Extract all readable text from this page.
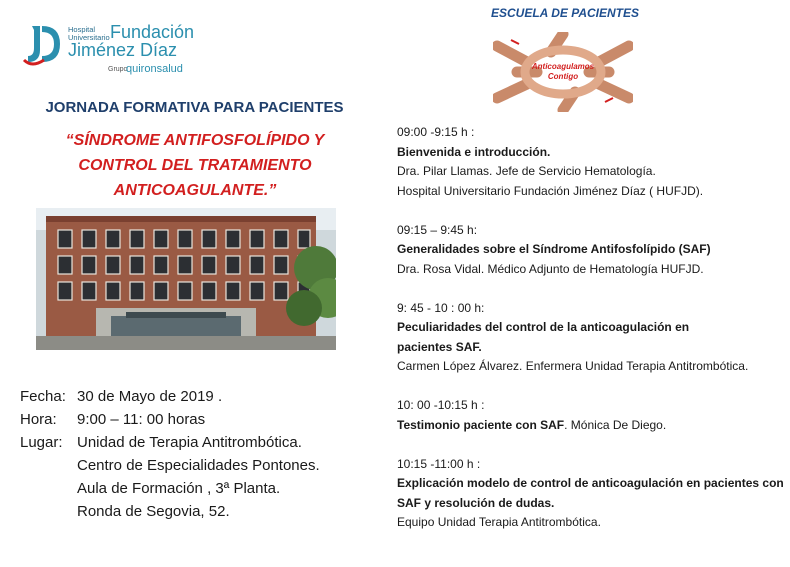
Hospital
Universitario Fundación
Jiménez Díaz
Grupo
quironsalud
JORNADA FORMATIVA PARA PACIENTES
“SÍNDROME ANTIFOSFOLÍPIDO Y
CONTROL DEL TRATAMIENTO
ANTICOAGULANTE.”
Fecha: 30 de Mayo de 2019 .
Hora: 9:00 – 11: 00 horas
Lugar: Unidad de Terapia Antitrombótica.
Centro de Especialidades Pontones.
Aula de Formación , 3ª Planta.
Ronda de Segovia, 52.
ESCUELA DE PACIENTES
Anticoagulamos
Contigo
09:00 -9:15 h :
Bienvenida e introducción.
Dra. Pilar Llamas. Jefe de Servicio Hematología.
Hospital Universitario Fundación Jiménez Díaz ( HUFJD).
09:15 – 9:45 h:
Generalidades sobre el Síndrome Antifosfolípido (SAF)
Dra. Rosa Vidal. Médico Adjunto de Hematología HUFJD.
9: 45 - 10 : 00 h:
Peculiaridades del control de la anticoagulación en
pacientes SAF.
Carmen López Álvarez. Enfermera Unidad Terapia Antitrombótica.
10: 00 -10:15 h :
Testimonio paciente con SAF. Mónica De Diego.
10:15 -11:00 h :
Explicación modelo de control de anticoagulación en pacientes con SAF y resolución de dudas.
Equipo Unidad Terapia Antitrombótica.
